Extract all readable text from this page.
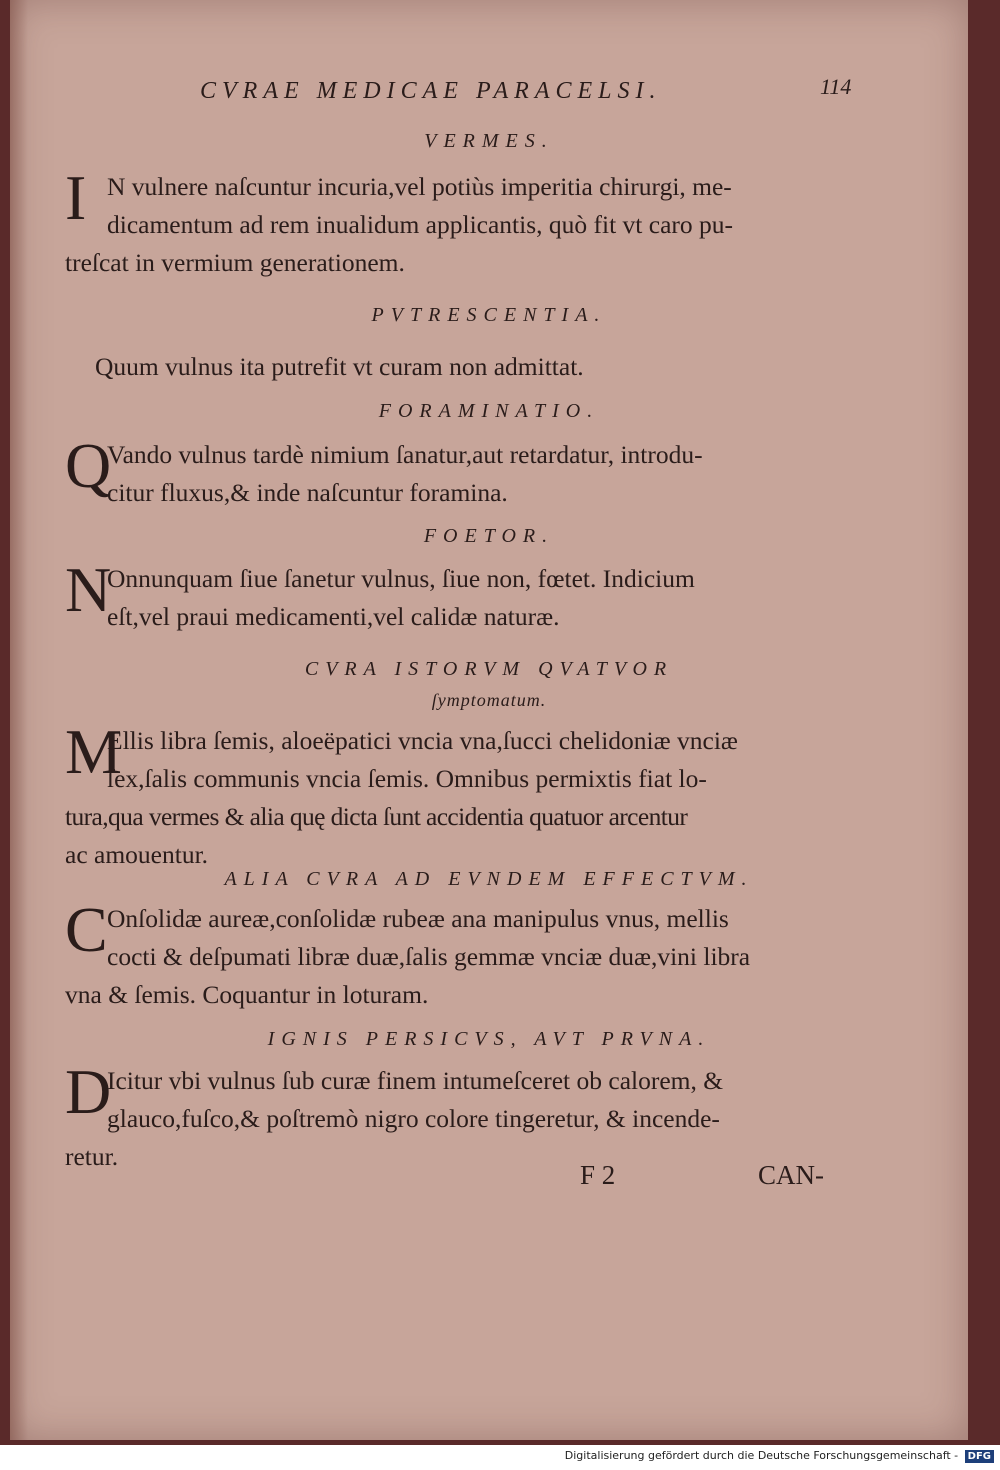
CVRAE MEDICAE PARACELSI.	114
VERMES.
I N vulnere naſcuntur incuria,vel potiùs imperitia chirurgi, me-
dicamentum ad rem inualidum applicantis, quò fit vt caro pu-
treſcat in vermium generationem.
PVTRESCENTIA.
Quum vulnus ita putrefit vt curam non admittat.
FORAMINATIO.
Q
Vando vulnus tardè nimium ſanatur,aut retardatur, introdu-
citur fluxus,& inde naſcuntur foramina.
FOETOR.
N
Onnunquam ſiue ſanetur vulnus, ſiue non, fœtet. Indicium
eſt,vel praui medicamenti,vel calidæ naturæ.
CVRA ISTORVM QVATVOR
ſymptomatum.
M
Ellis libra ſemis, aloeëpatici vncia vna,ſucci chelidoniæ vnciæ
ſex,ſalis communis vncia ſemis. Omnibus permixtis fiat lo-
tura,qua vermes & alia quę dicta ſunt accidentia quatuor arcentur
ac amouentur.
ALIA CVRA AD EVNDEM EFFECTVM.
C Onſolidæ aureæ,conſolidæ rubeæ ana manipulus vnus, mellis
cocti & deſpumati libræ duæ,ſalis gemmæ vnciæ duæ,vini libra
vna & ſemis. Coquantur in loturam.
IGNIS PERSICVS, AVT PRVNA.
D
Icitur vbi vulnus ſub curæ finem intumeſceret ob calorem, &
glauco,fuſco,& poſtremò nigro colore tingeretur, & incende-
retur.
F 2	CAN-
Digitalisierung gefördert durch die Deutsche Forschungsgemeinschaft - DFG
